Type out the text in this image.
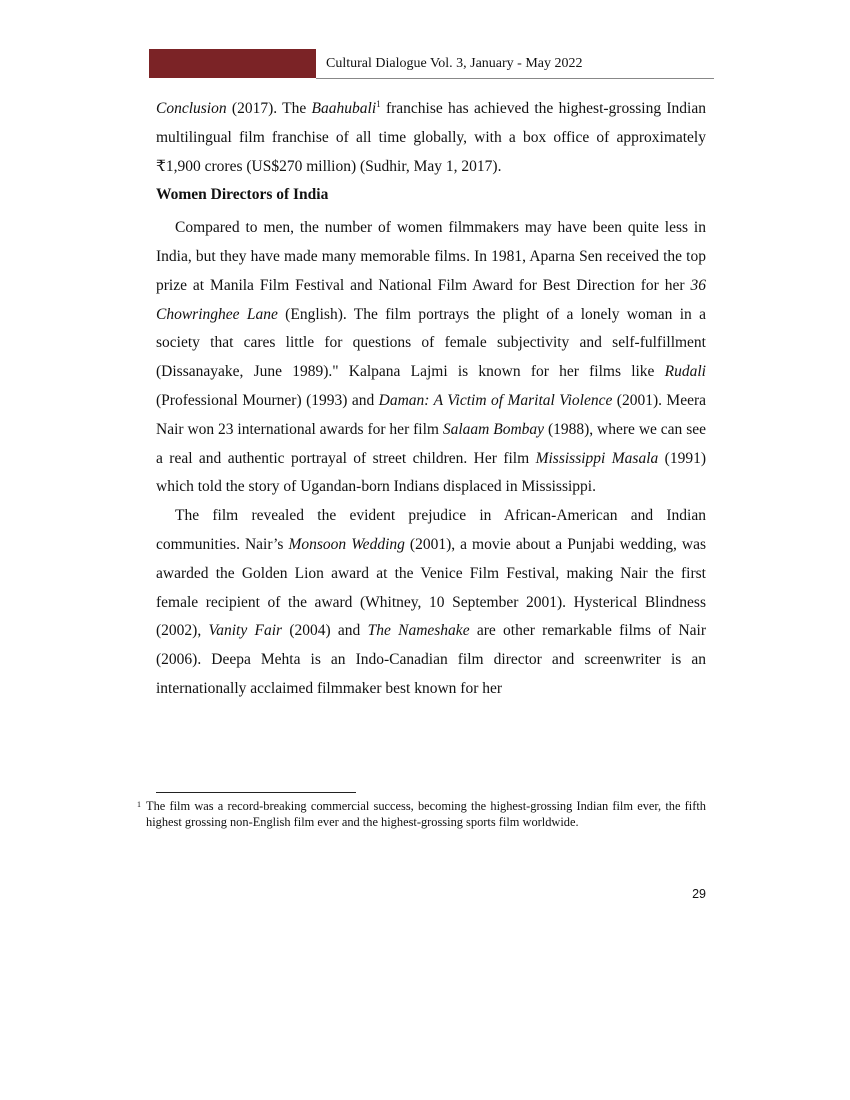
Cultural Dialogue Vol. 3, January - May 2022

Conclusion (2017). The Baahubali$^1$ franchise has achieved the highest-grossing Indian multilingual film franchise of all time globally, with a box office of approximately ₹1,900 crores (US$270 million) (Sudhir, May 1, 2017).

Women Directors of India

Compared to men, the number of women filmmakers may have been quite less in India, but they have made many memorable films. In 1981, Aparna Sen received the top prize at Manila Film Festival and National Film Award for Best Direction for her 36 Chowringhee Lane (English). The film portrays the plight of a lonely woman in a society that cares little for questions of female subjectivity and self-fulfillment (Dissanayake, June 1989)." Kalpana Lajmi is known for her films like Rudali (Professional Mourner) (1993) and Daman: A Victim of Marital Violence (2001). Meera Nair won 23 international awards for her film Salaam Bombay (1988), where we can see a real and authentic portrayal of street children. Her film Mississippi Masala (1991) which told the story of Ugandan-born Indians displaced in Mississippi.

The film revealed the evident prejudice in African-American and Indian communities. Nair’s Monsoon Wedding (2001), a movie about a Punjabi wedding, was awarded the Golden Lion award at the Venice Film Festival, making Nair the first female recipient of the award (Whitney, 10 September 2001). Hysterical Blindness (2002), Vanity Fair (2004) and The Nameshake are other remarkable films of Nair (2006). Deepa Mehta is an Indo-Canadian film director and screenwriter is an internationally acclaimed filmmaker best known for her

1 The film was a record-breaking commercial success, becoming the highest-grossing Indian film ever, the fifth highest grossing non-English film ever and the highest-grossing sports film worldwide.
29
